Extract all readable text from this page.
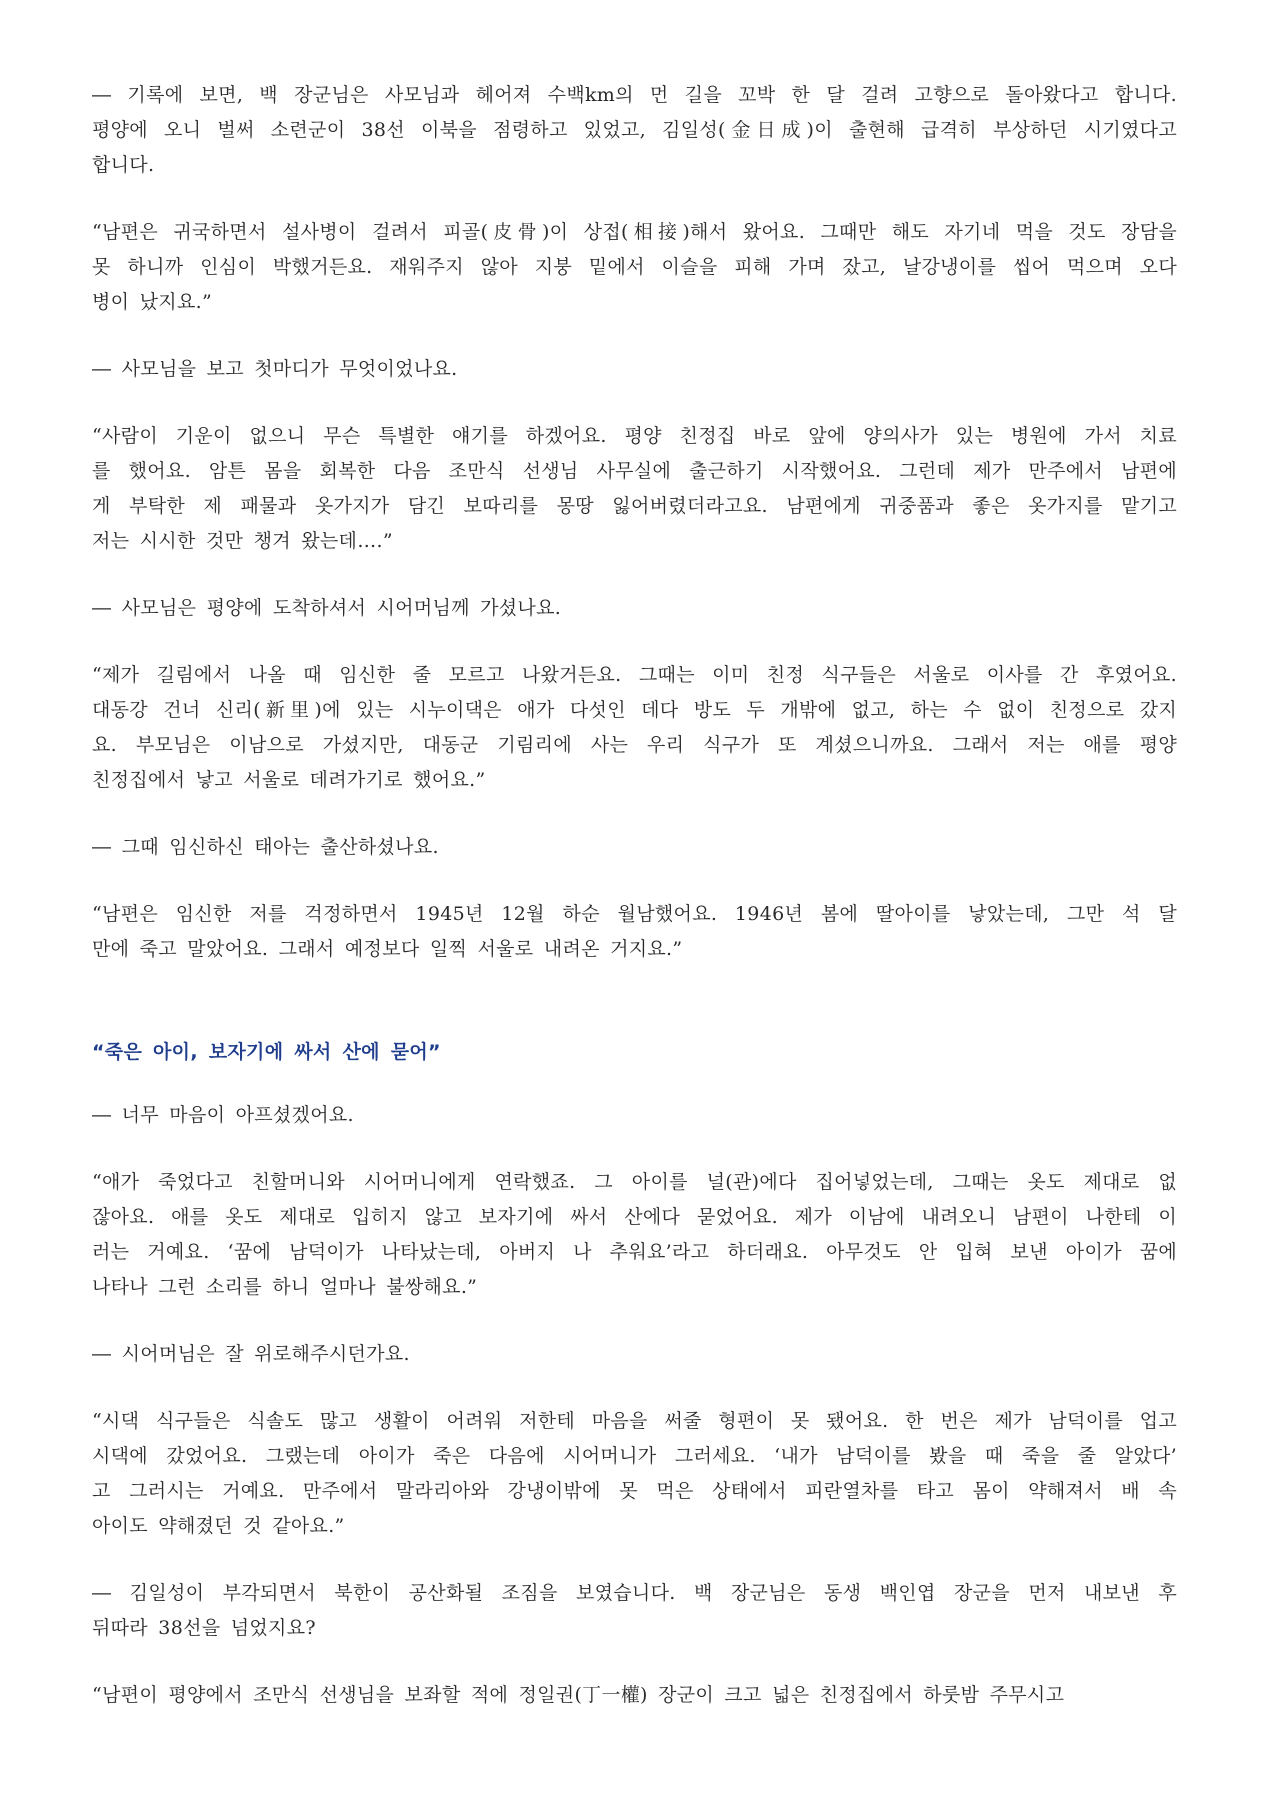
― 기록에 보면, 백 장군님은 사모님과 헤어져 수백km의 먼 길을 꼬박 한 달 걸려 고향으로 돌아왔다고 합니다.
평양에 오니 벌써 소련군이 38선 이북을 점령하고 있었고, 김일성(金日成)이 출현해 급격히 부상하던 시기였다고
합니다.
“남편은 귀국하면서 설사병이 걸려서 피골(皮骨)이 상접(相接)해서 왔어요. 그때만 해도 자기네 먹을 것도 장담을
못 하니까 인심이 박했거든요. 재워주지 않아 지붕 밑에서 이슬을 피해 가며 잤고, 날강냉이를 씹어 먹으며 오다
병이 났지요.”
― 사모님을 보고 첫마디가 무엇이었나요.
“사람이 기운이 없으니 무슨 특별한 얘기를 하겠어요. 평양 친정집 바로 앞에 양의사가 있는 병원에 가서 치료
를 했어요. 암튼 몸을 회복한 다음 조만식 선생님 사무실에 출근하기 시작했어요. 그런데 제가 만주에서 남편에
게 부탁한 제 패물과 옷가지가 담긴 보따리를 몽땅 잃어버렸더라고요. 남편에게 귀중품과 좋은 옷가지를 맡기고
저는 시시한 것만 챙겨 왔는데….”
― 사모님은 평양에 도착하셔서 시어머님께 가셨나요.
“제가 길림에서 나올 때 임신한 줄 모르고 나왔거든요. 그때는 이미 친정 식구들은 서울로 이사를 간 후였어요.
대동강 건너 신리(新里)에 있는 시누이댁은 애가 다섯인 데다 방도 두 개밖에 없고, 하는 수 없이 친정으로 갔지
요. 부모님은 이남으로 가셨지만, 대동군 기림리에 사는 우리 식구가 또 계셨으니까요. 그래서 저는 애를 평양
친정집에서 낳고 서울로 데려가기로 했어요.”
― 그때 임신하신 태아는 출산하셨나요.
“남편은 임신한 저를 걱정하면서 1945년 12월 하순 월남했어요. 1946년 봄에 딸아이를 낳았는데, 그만 석 달
만에 죽고 말았어요. 그래서 예정보다 일찍 서울로 내려온 거지요.”
“죽은 아이, 보자기에 싸서 산에 묻어”
― 너무 마음이 아프셨겠어요.
“애가 죽었다고 친할머니와 시어머니에게 연락했죠. 그 아이를 널(관)에다 집어넣었는데, 그때는 옷도 제대로 없
잖아요. 애를 옷도 제대로 입히지 않고 보자기에 싸서 산에다 묻었어요. 제가 이남에 내려오니 남편이 나한테 이
러는 거예요. ‘꿈에 남덕이가 나타났는데, 아버지 나 추워요’라고 하더래요. 아무것도 안 입혀 보낸 아이가 꿈에
나타나 그런 소리를 하니 얼마나 불쌍해요.”
― 시어머님은 잘 위로해주시던가요.
“시댁 식구들은 식솔도 많고 생활이 어려워 저한테 마음을 써줄 형편이 못 됐어요. 한 번은 제가 남덕이를 업고
시댁에 갔었어요. 그랬는데 아이가 죽은 다음에 시어머니가 그러세요. ‘내가 남덕이를 봤을 때 죽을 줄 알았다’
고 그러시는 거예요. 만주에서 말라리아와 강냉이밖에 못 먹은 상태에서 피란열차를 타고 몸이 약해져서 배 속
아이도 약해졌던 것 같아요.”
― 김일성이 부각되면서 북한이 공산화될 조짐을 보였습니다. 백 장군님은 동생 백인엽 장군을 먼저 내보낸 후
뒤따라 38선을 넘었지요?
“남편이 평양에서 조만식 선생님을 보좌할 적에 정일권(丁一權) 장군이 크고 넓은 친정집에서 하룻밤 주무시고
